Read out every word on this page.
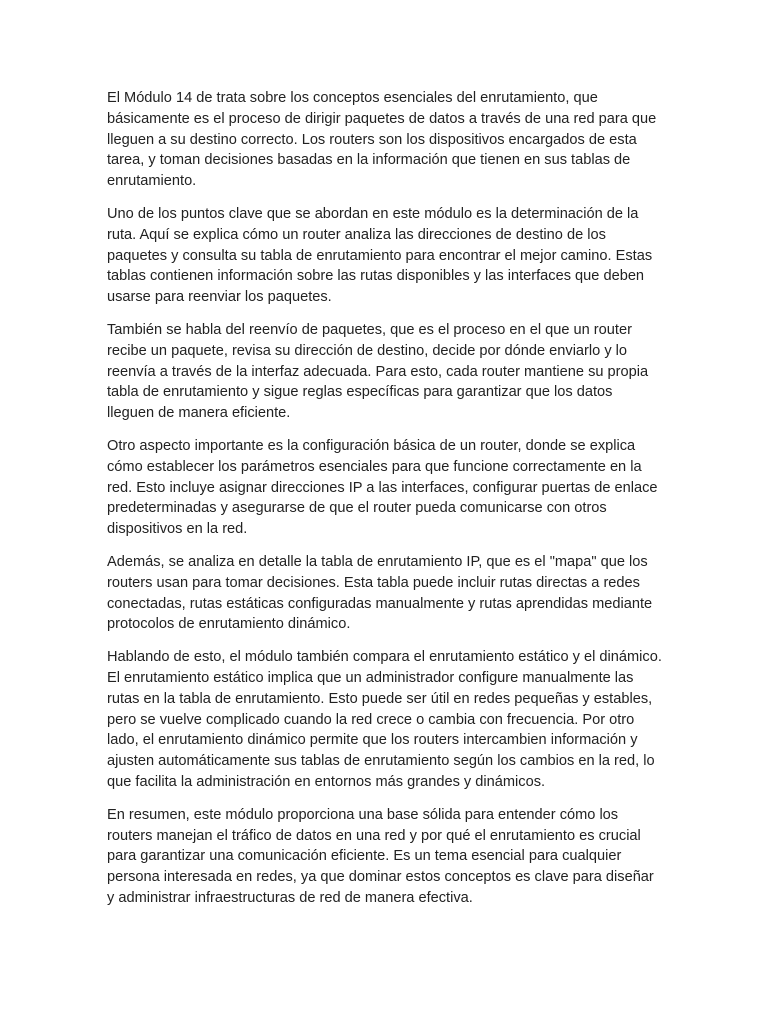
El Módulo 14 de trata sobre los conceptos esenciales del enrutamiento, que básicamente es el proceso de dirigir paquetes de datos a través de una red para que lleguen a su destino correcto. Los routers son los dispositivos encargados de esta tarea, y toman decisiones basadas en la información que tienen en sus tablas de enrutamiento.

Uno de los puntos clave que se abordan en este módulo es la determinación de la ruta. Aquí se explica cómo un router analiza las direcciones de destino de los paquetes y consulta su tabla de enrutamiento para encontrar el mejor camino. Estas tablas contienen información sobre las rutas disponibles y las interfaces que deben usarse para reenviar los paquetes.

También se habla del reenvío de paquetes, que es el proceso en el que un router recibe un paquete, revisa su dirección de destino, decide por dónde enviarlo y lo reenvía a través de la interfaz adecuada. Para esto, cada router mantiene su propia tabla de enrutamiento y sigue reglas específicas para garantizar que los datos lleguen de manera eficiente.

Otro aspecto importante es la configuración básica de un router, donde se explica cómo establecer los parámetros esenciales para que funcione correctamente en la red. Esto incluye asignar direcciones IP a las interfaces, configurar puertas de enlace predeterminadas y asegurarse de que el router pueda comunicarse con otros dispositivos en la red.

Además, se analiza en detalle la tabla de enrutamiento IP, que es el "mapa" que los routers usan para tomar decisiones. Esta tabla puede incluir rutas directas a redes conectadas, rutas estáticas configuradas manualmente y rutas aprendidas mediante protocolos de enrutamiento dinámico.

Hablando de esto, el módulo también compara el enrutamiento estático y el dinámico. El enrutamiento estático implica que un administrador configure manualmente las rutas en la tabla de enrutamiento. Esto puede ser útil en redes pequeñas y estables, pero se vuelve complicado cuando la red crece o cambia con frecuencia. Por otro lado, el enrutamiento dinámico permite que los routers intercambien información y ajusten automáticamente sus tablas de enrutamiento según los cambios en la red, lo que facilita la administración en entornos más grandes y dinámicos.

En resumen, este módulo proporciona una base sólida para entender cómo los routers manejan el tráfico de datos en una red y por qué el enrutamiento es crucial para garantizar una comunicación eficiente. Es un tema esencial para cualquier persona interesada en redes, ya que dominar estos conceptos es clave para diseñar y administrar infraestructuras de red de manera efectiva.
